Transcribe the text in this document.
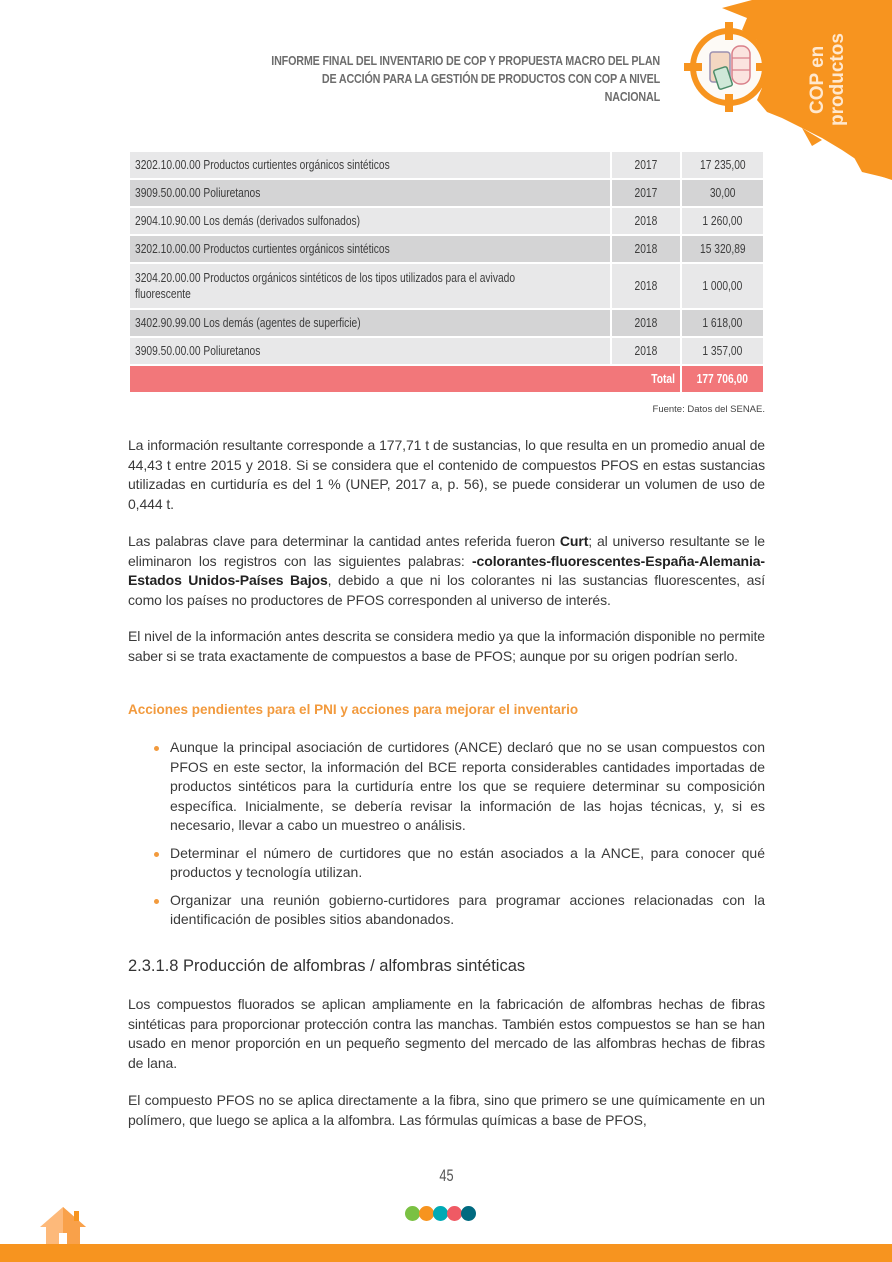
INFORME FINAL DEL INVENTARIO DE COP Y PROPUESTA MACRO DEL PLAN
DE ACCIÓN PARA LA GESTIÓN DE PRODUCTOS CON COP A NIVEL NACIONAL	COP en productos
3202.10.00.00 Productos curtientes orgánicos sintéticos	2017	17 235,00
3909.50.00.00 Poliuretanos	2017	30,00
2904.10.90.00 Los demás (derivados sulfonados)	2018	1 260,00
3202.10.00.00 Productos curtientes orgánicos sintéticos	2018	15 320,89

3204.20.00.00 Productos orgánicos sintéticos de los tipos utilizados para el avivado fluorescente	2018	1 000,00
3402.90.99.00 Los demás (agentes de superficie)	2018	1 618,00
3909.50.00.00 Poliuretanos	2018	1 357,00
Total		177 706,00
Fuente: Datos del SENAE.
La información resultante corresponde a 177,71 t de sustancias, lo que resulta en un promedio anual de 44,43 t entre 2015 y 2018. Si se considera que el contenido de compuestos PFOS en estas sustancias utilizadas en curtiduría es del 1 % (UNEP, 2017 a, p. 56), se puede considerar un volumen de uso de 0,444 t.
Las palabras clave para determinar la cantidad antes referida fueron Curt; al universo resultante se le eliminaron los registros con las siguientes palabras: -colorantes-fluorescentes-España-Alemania-Estados Unidos-Países Bajos, debido a que ni los colorantes ni las sustancias fluorescentes, así como los países no productores de PFOS corresponden al universo de interés.
El nivel de la información antes descrita se considera medio ya que la información disponible no permite saber si se trata exactamente de compuestos a base de PFOS; aunque por su origen podrían serlo.
Acciones pendientes para el PNI y acciones para mejorar el inventario
Aunque la principal asociación de curtidores (ANCE) declaró que no se usan compuestos con PFOS en este sector, la información del BCE reporta considerables cantidades importadas de productos sintéticos para la curtiduría entre los que se requiere determinar su composición específica. Inicialmente, se debería revisar la información de las hojas técnicas, y, si es necesario, llevar a cabo un muestreo o análisis.
Determinar el número de curtidores que no están asociados a la ANCE, para conocer qué productos y tecnología utilizan.
Organizar una reunión gobierno-curtidores para programar acciones relacionadas con la identificación de posibles sitios abandonados.
2.3.1.8 Producción de alfombras / alfombras sintéticas
Los compuestos fluorados se aplican ampliamente en la fabricación de alfombras hechas de fibras sintéticas para proporcionar protección contra las manchas. También estos compuestos se han se han usado en menor proporción en un pequeño segmento del mercado de las alfombras hechas de fibras de lana.
El compuesto PFOS no se aplica directamente a la fibra, sino que primero se une químicamente en un polímero, que luego se aplica a la alfombra. Las fórmulas químicas a base de PFOS,
45
